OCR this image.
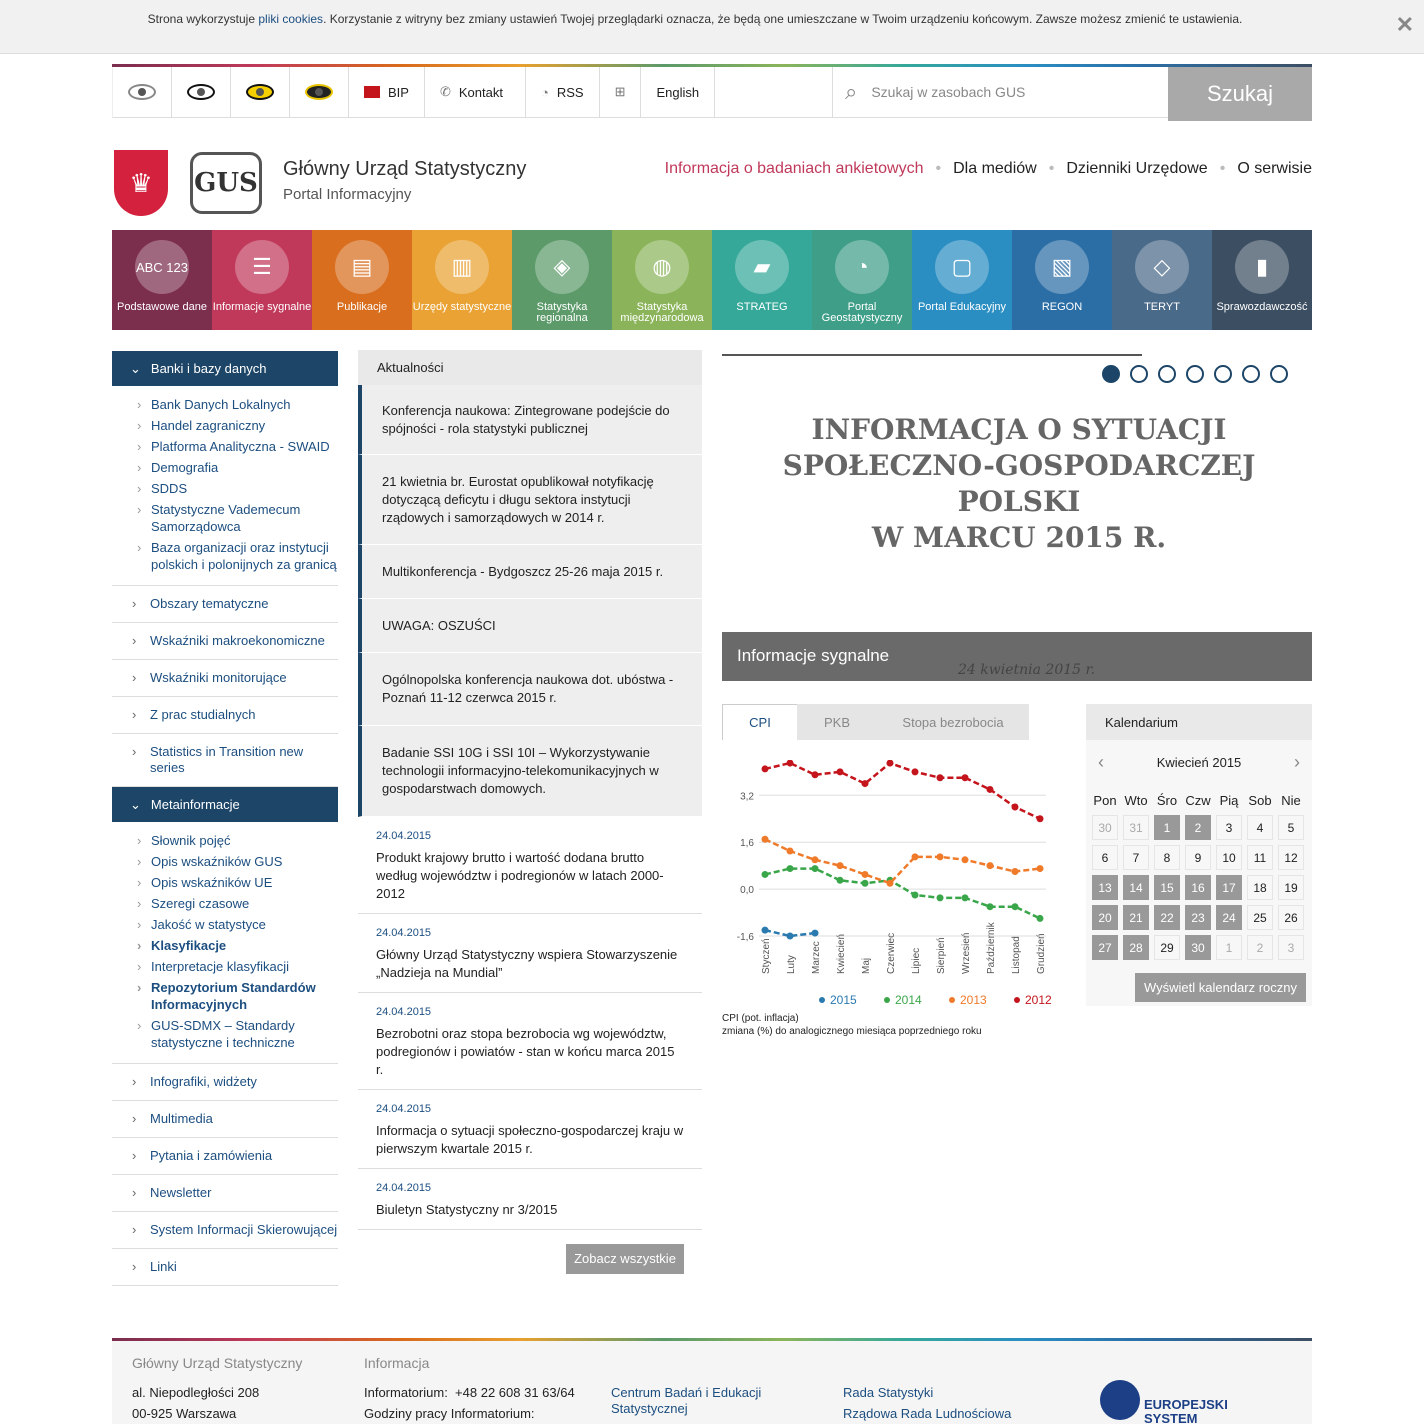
Strona wykorzystuje pliki cookies. Korzystanie z witryny bez zmiany ustawień Twojej przeglądarki oznacza, że będą one umieszczane w Twoim urządzeniu końcowym. Zawsze możesz zmienić te ustawienia.	✕
BIP ✆ Kontakt	◔ RSS ⊞ English	⌕ Szukaj w zasobach GUS	Szukaj
♛	GUS Główny Urząd Statystyczny
Portal Informacyjny
Informacja o badaniach ankietowych • Dla mediów • Dzienniki Urzędowe • O serwisie
ABC 123
Podstawowe dane
☰
Informacje sygnalne
▤
Publikacje
▥
Urzędy statystyczne
◈
Statystyka regionalna
◍
Statystyka międzynarodowa
▰
STRATEG
◔
Portal Geostatystyczny
▢
Portal Edukacyjny
▧
REGON
◇
TERYT
▮
Sprawozdawczość
⌄ Banki i bazy danych
› Bank Danych Lokalnych
› Handel zagraniczny
› Platforma Analityczna - SWAID
› Demografia
› SDDS
› Statystyczne Vademecum Samorządowca
› Baza organizacji oraz instytucji polskich i polonijnych za granicą
› Obszary tematyczne
› Wskaźniki makroekonomiczne
› Wskaźniki monitorujące
› Z prac studialnych
› Statistics in Transition new series
⌄ Metainformacje
› Słownik pojęć
› Opis wskaźników GUS
› Opis wskaźników UE
› Szeregi czasowe
› Jakość w statystyce
› Klasyfikacje
› Interpretacje klasyfikacji
› Repozytorium Standardów Informacyjnych
› GUS-SDMX – Standardy statystyczne i techniczne
› Infografiki, widżety
› Multimedia
› Pytania i zamówienia
› Newsletter
› System Informacji Skierowującej
› Linki
Aktualności
Konferencja naukowa: Zintegrowane podejście do spójności - rola statystyki publicznej
21 kwietnia br. Eurostat opublikował notyfikację dotyczącą deficytu i długu sektora instytucji rządowych i samorządowych w 2014 r.
Multikonferencja - Bydgoszcz 25-26 maja 2015 r.
UWAGA: OSZUŚCI
Ogólnopolska konferencja naukowa dot. ubóstwa - Poznań 11-12 czerwca 2015 r.
Badanie SSI 10G i SSI 10I – Wykorzystywanie technologii informacyjno-telekomunikacyjnych w gospodarstwach domowych.
24.04.2015
Produkt krajowy brutto i wartość dodana brutto według województw i podregionów w latach 2000-2012
24.04.2015
Główny Urząd Statystyczny wspiera Stowarzyszenie „Nadzieja na Mundial”
24.04.2015
Bezrobotni oraz stopa bezrobocia wg województw, podregionów i powiatów - stan w końcu marca 2015 r.
24.04.2015
Informacja o sytuacji społeczno-gospodarczej kraju w pierwszym kwartale 2015 r.
24.04.2015
Biuletyn Statystyczny nr 3/2015
Zobacz wszystkie
INFORMACJA O SYTUACJI
SPOŁECZNO-GOSPODARCZEJ
POLSKI
W MARCU 2015 R.
Informacje sygnalne
24 kwietnia 2015 r.
CPI	PKB	Stopa bezrobocia
3,2
1,6
0,0
-1,6
Styczeń Luty Marzec Kwiecień Maj Czerwiec Lipiec Sierpień Wrzesień Październik Listopad Grudzień
2015	2014	2013	2012
CPI (pot. inflacja)
zmiana (%) do analogicznego miesiąca poprzedniego roku
Kalendarium
‹	Kwiecień 2015	›
Pon	Wto	Śro	Czw	Pią	Sob	Nie
30	31	1	2	3	4	5
6	7	8	9	10	11	12
13	14	15	16	17	18	19
20	21	22	23	24	25	26
27	28	29	30	1	2	3
Wyświetl kalendarz roczny
Główny Urząd Statystyczny
al. Niepodległości 208
00-925 Warszawa
Informacja
Informatorium: +48 22 608 31 63/64
Godziny pracy Informatorium:
Centrum Badań i Edukacji Statystycznej
Rada Statystyki
Rządowa Rada Ludnościowa
EUROPEJSKI SYSTEM
